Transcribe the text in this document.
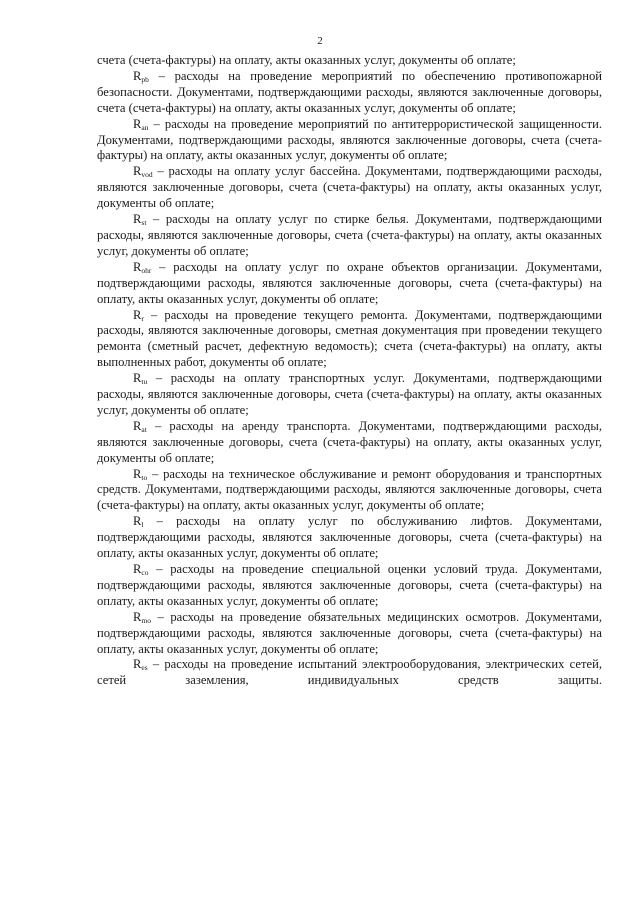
2

счета (счета-фактуры) на оплату, акты оказанных услуг, документы об оплате;

$R_{pb}$ – расходы на проведение мероприятий по обеспечению противопожарной безопасности. Документами, подтверждающими расходы, являются заключенные договоры, счета (счета-фактуры) на оплату, акты оказанных услуг, документы об оплате;

$R_{an}$ – расходы на проведение мероприятий по антитеррористической защищенности. Документами, подтверждающими расходы, являются заключенные договоры, счета (счета-фактуры) на оплату, акты оказанных услуг, документы об оплате;

$R_{vod}$ – расходы на оплату услуг бассейна. Документами, подтверждающими расходы, являются заключенные договоры, счета (счета-фактуры) на оплату, акты оказанных услуг, документы об оплате;

$R_{st}$ – расходы на оплату услуг по стирке белья. Документами, подтверждающими расходы, являются заключенные договоры, счета (счета-фактуры) на оплату, акты оказанных услуг, документы об оплате;

$R_{ohr}$ – расходы на оплату услуг по охране объектов организации. Документами, подтверждающими расходы, являются заключенные договоры, счета (счета-фактуры) на оплату, акты оказанных услуг, документы об оплате;

$R_r$ – расходы на проведение текущего ремонта. Документами, подтверждающими расходы, являются заключенные договоры, сметная документация при проведении текущего ремонта (сметный расчет, дефектную ведомость); счета (счета-фактуры) на оплату, акты выполненных работ, документы об оплате;

$R_{tu}$ – расходы на оплату транспортных услуг. Документами, подтверждающими расходы, являются заключенные договоры, счета (счета-фактуры) на оплату, акты оказанных услуг, документы об оплате;

$R_{at}$ – расходы на аренду транспорта. Документами, подтверждающими расходы, являются заключенные договоры, счета (счета-фактуры) на оплату, акты оказанных услуг, документы об оплате;

$R_{to}$ – расходы на техническое обслуживание и ремонт оборудования и транспортных средств. Документами, подтверждающими расходы, являются заключенные договоры, счета (счета-фактуры) на оплату, акты оказанных услуг, документы об оплате;

$R_l$ – расходы на оплату услуг по обслуживанию лифтов. Документами, подтверждающими расходы, являются заключенные договоры, счета (счета-фактуры) на оплату, акты оказанных услуг, документы об оплате;

$R_{co}$ – расходы на проведение специальной оценки условий труда. Документами, подтверждающими расходы, являются заключенные договоры, счета (счета-фактуры) на оплату, акты оказанных услуг, документы об оплате;

$R_{mo}$ – расходы на проведение обязательных медицинских осмотров. Документами, подтверждающими расходы, являются заключенные договоры, счета (счета-фактуры) на оплату, акты оказанных услуг, документы об оплате;

$R_{es}$ – расходы на проведение испытаний электрооборудования, электрических сетей, сетей заземления, индивидуальных средств защиты.
